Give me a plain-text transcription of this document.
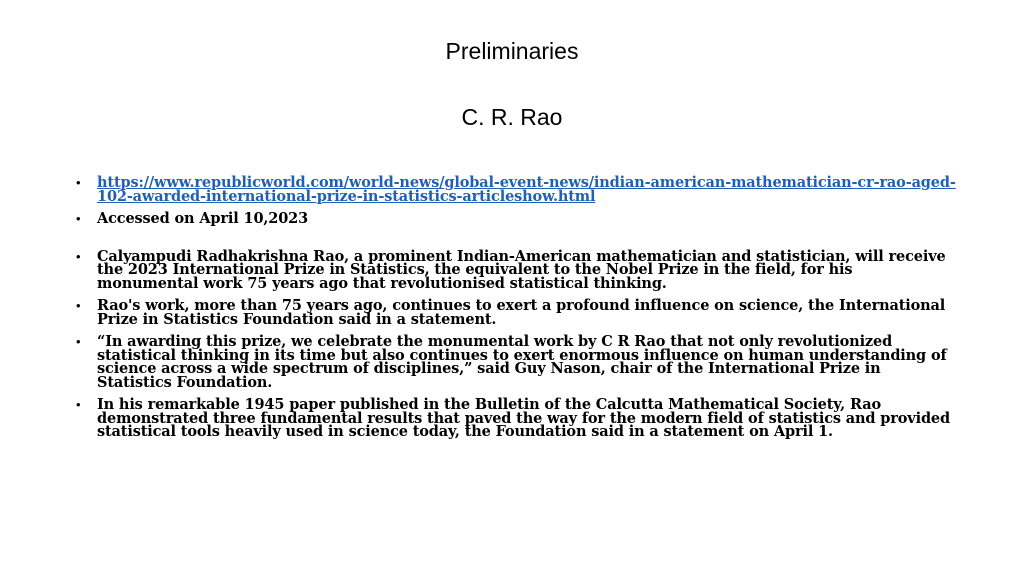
Preliminaries
C. R. Rao
• https://www.republicworld.com/world-news/global-event-news/indian-american-mathematician-cr-rao-aged-102-awarded-international-prize-in-statistics-articleshow.html
• Accessed on April 10,2023
• Calyampudi Radhakrishna Rao, a prominent Indian-American mathematician and statistician, will receive the 2023 International Prize in Statistics, the equivalent to the Nobel Prize in the field, for his monumental work 75 years ago that revolutionised statistical thinking.
• Rao's work, more than 75 years ago, continues to exert a profound influence on science, the International Prize in Statistics Foundation said in a statement.
• “In awarding this prize, we celebrate the monumental work by C R Rao that not only revolutionized statistical thinking in its time but also continues to exert enormous influence on human understanding of science across a wide spectrum of disciplines,” said Guy Nason, chair of the International Prize in Statistics Foundation.
• In his remarkable 1945 paper published in the Bulletin of the Calcutta Mathematical Society, Rao demonstrated three fundamental results that paved the way for the modern field of statistics and provided statistical tools heavily used in science today, the Foundation said in a statement on April 1.
